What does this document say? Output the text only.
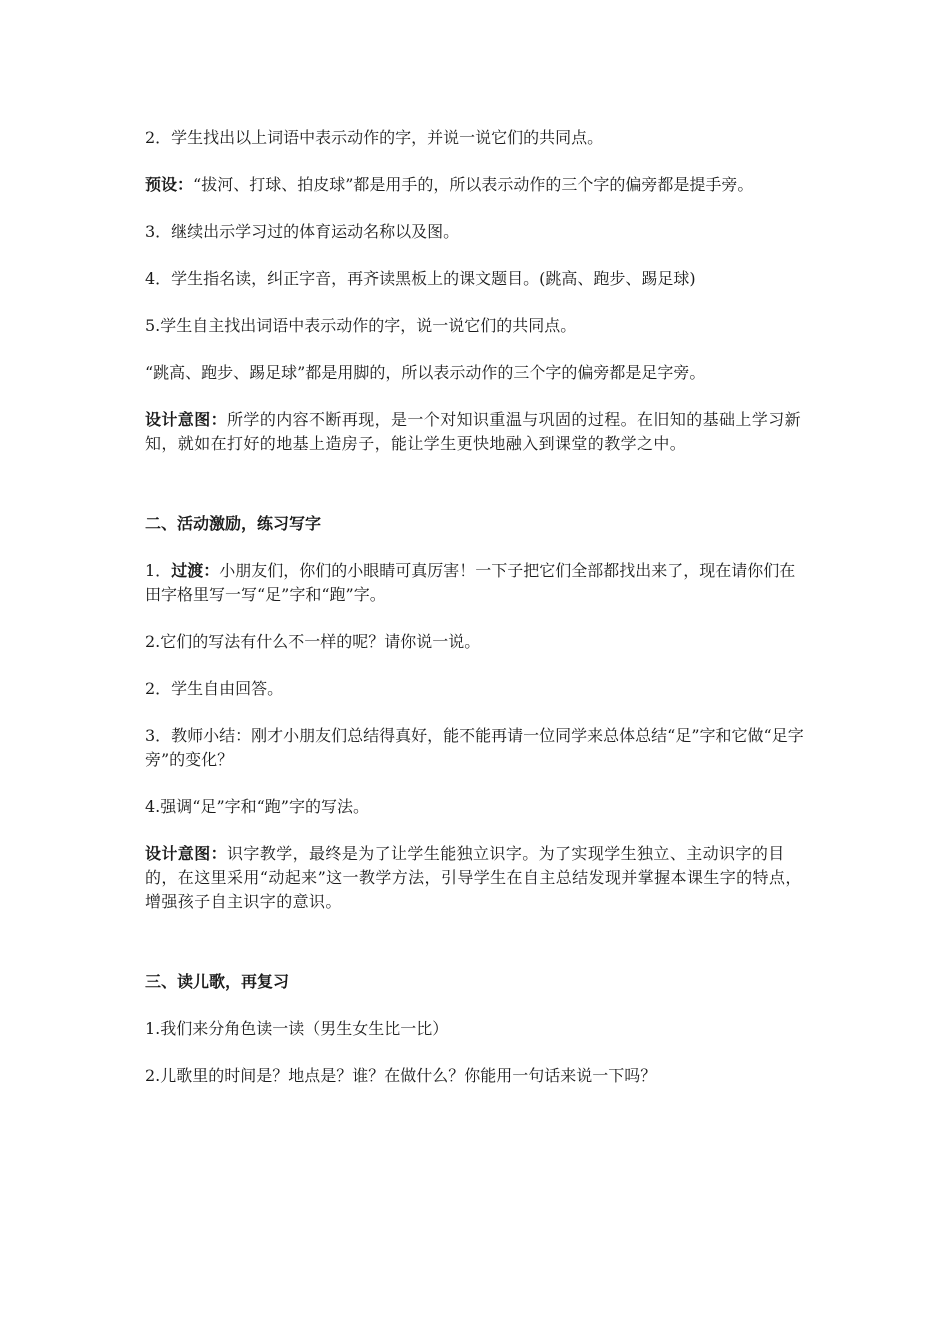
2．学生找出以上词语中表示动作的字，并说一说它们的共同点。

预设：“拔河、打球、拍皮球”都是用手的，所以表示动作的三个字的偏旁都是提手旁。

3．继续出示学习过的体育运动名称以及图。

4．学生指名读，纠正字音，再齐读黑板上的课文题目。(跳高、跑步、踢足球)

5.学生自主找出词语中表示动作的字，说一说它们的共同点。

“跳高、跑步、踢足球”都是用脚的，所以表示动作的三个字的偏旁都是足字旁。

设计意图：所学的内容不断再现，是一个对知识重温与巩固的过程。在旧知的基础上学习新知，就如在打好的地基上造房子，能让学生更快地融入到课堂的教学之中。

二、活动激励，练习写字

1．过渡：小朋友们，你们的小眼睛可真厉害！一下子把它们全部都找出来了，现在请你们在田字格里写一写“足”字和“跑”字。

2.它们的写法有什么不一样的呢？请你说一说。

2．学生自由回答。

3．教师小结：刚才小朋友们总结得真好，能不能再请一位同学来总体总结“足”字和它做“足字旁”的变化？

4.强调“足”字和“跑”字的写法。

设计意图：识字教学，最终是为了让学生能独立识字。为了实现学生独立、主动识字的目的，在这里采用“动起来”这一教学方法，引导学生在自主总结发现并掌握本课生字的特点，增强孩子自主识字的意识。

三、读儿歌，再复习

1.我们来分角色读一读（男生女生比一比）

2.儿歌里的时间是？地点是？谁？在做什么？你能用一句话来说一下吗？
